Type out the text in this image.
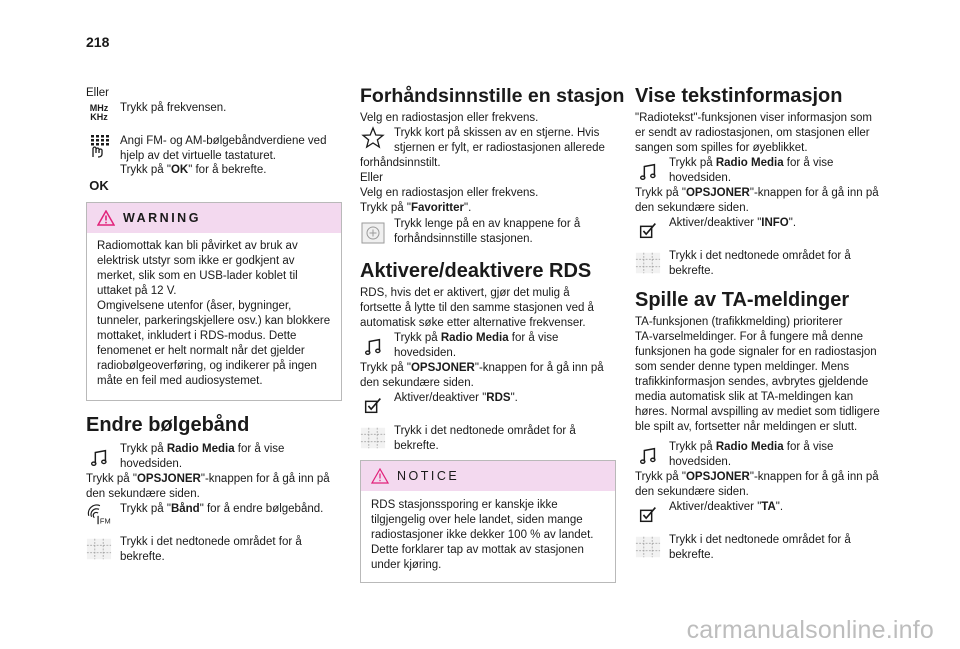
218

Eller

MHz
KHz
Trykk på frekvensen.
Angi FM- og AM-bølgebåndverdiene ved
hjelp av det virtuelle tastaturet.
OK
Trykk på "OK" for å bekrefte.
WARNING
Radiomottak kan bli påvirket av bruk av
elektrisk utstyr som ikke er godkjent av
merket, slik som en USB-lader koblet til
uttaket på 12 V.
Omgivelsene utenfor (åser, bygninger,
tunneler, parkeringskjellere osv.) kan blokkere
mottaket, inkludert i RDS-modus. Dette
fenomenet er helt normalt når det gjelder
radiobølgeoverføring, og indikerer på ingen
måte en feil med audiosystemet.
Endre bølgebånd
Trykk på Radio Media for å vise
hovedsiden.
Trykk på "OPSJONER"-knappen for å gå inn på
den sekundære siden.
FM
Trykk på "Bånd" for å endre bølgebånd.
Trykk i det nedtonede området for å
bekrefte.
Forhåndsinnstille en stasjon

Velg en radiostasjon eller frekvens.

Trykk kort på skissen av en stjerne. Hvis
stjernen er fylt, er radiostasjonen allerede

forhåndsinnstilt.

Eller

Velg en radiostasjon eller frekvens.

Trykk på "Favoritter".

Trykk lenge på en av knappene for å
forhåndsinnstille stasjonen.
Aktivere/deaktivere RDS
RDS, hvis det er aktivert, gjør det mulig å
fortsette å lytte til den samme stasjonen ved å
automatisk søke etter alternative frekvenser.
Trykk på Radio Media for å vise
hovedsiden.
Trykk på "OPSJONER"-knappen for å gå inn på
den sekundære siden.
Aktiver/deaktiver "RDS".
Trykk i det nedtonede området for å
bekrefte.
NOTICE
RDS stasjonssporing er kanskje ikke
tilgjengelig over hele landet, siden mange
radiostasjoner ikke dekker 100 % av landet.
Dette forklarer tap av mottak av stasjonen
under kjøring.
Vise tekstinformasjon
"Radiotekst"-funksjonen viser informasjon som
er sendt av radiostasjonen, om stasjonen eller
sangen som spilles for øyeblikket.
Trykk på Radio Media for å vise
hovedsiden.
Trykk på "OPSJONER"-knappen for å gå inn på
den sekundære siden.
Aktiver/deaktiver "INFO".
Trykk i det nedtonede området for å
bekrefte.
Spille av TA-meldinger
TA-funksjonen (trafikkmelding) prioriterer
TA-varselmeldinger. For å fungere må denne
funksjonen ha gode signaler for en radiostasjon
som sender denne typen meldinger. Mens
trafikkinformasjon sendes, avbrytes gjeldende
media automatisk slik at TA-meldingen kan
høres. Normal avspilling av mediet som tidligere
ble spilt av, fortsetter når meldingen er slutt.
Trykk på Radio Media for å vise
hovedsiden.
Trykk på "OPSJONER"-knappen for å gå inn på
den sekundære siden.
Aktiver/deaktiver "TA".
Trykk i det nedtonede området for å
bekrefte.
carmanualsonline.info
